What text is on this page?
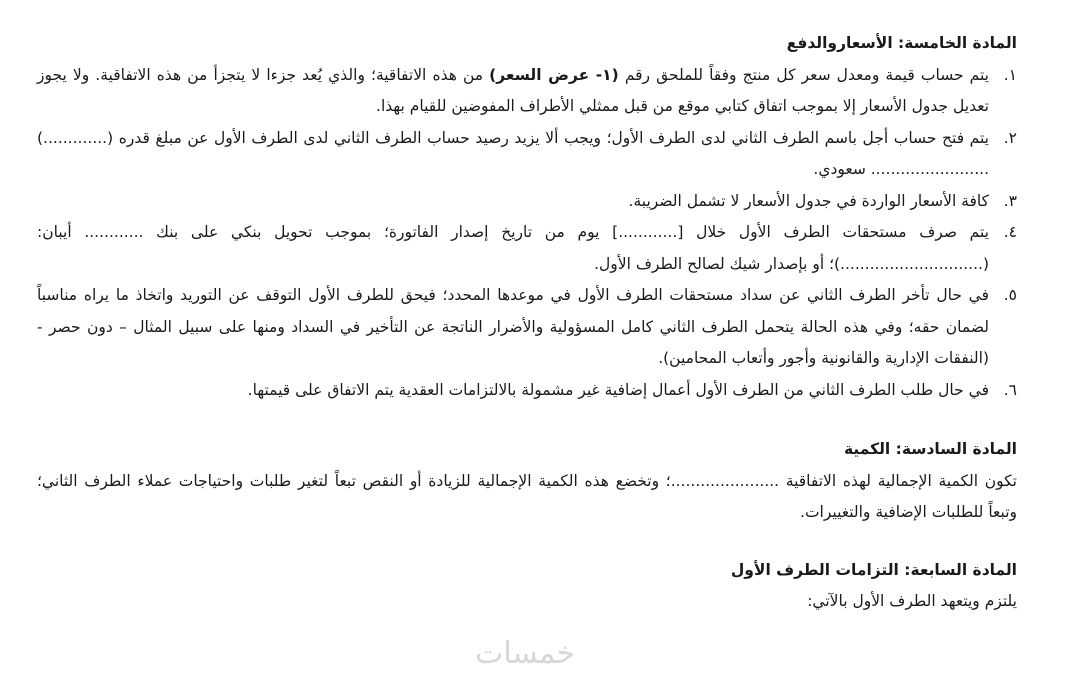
المادة الخامسة: الأسعاروالدفع

١.
يتم حساب قيمة ومعدل سعر كل منتج وفقاً للملحق رقم (١- عرض السعر) من هذه الاتفاقية؛ والذي يُعد جزءا لا يتجزأ من هذه الاتفاقية. ولا يجوز تعديل جدول الأسعار إلا بموجب اتفاق كتابي موقع من قبل ممثلي الأطراف المفوضين للقيام بهذا.
٢.
يتم فتح حساب أجل باسم الطرف الثاني لدى الطرف الأول؛ ويجب ألا يزيد رصيد حساب الطرف الثاني لدى الطرف الأول عن مبلغ قدره (.............) ........................ سعودي.
٣.
كافة الأسعار الواردة في جدول الأسعار لا تشمل الضريبة.
٤.
يتم صرف مستحقات الطرف الأول خلال [............] يوم من تاريخ إصدار الفاتورة؛ بموجب تحويل بنكي على بنك ............ أيبان: (.............................)؛ أو بإصدار شيك لصالح الطرف الأول.
٥.
في حال تأخر الطرف الثاني عن سداد مستحقات الطرف الأول في موعدها المحدد؛ فيحق للطرف الأول التوقف عن التوريد واتخاذ ما يراه مناسباً لضمان حقه؛ وفي هذه الحالة يتحمل الطرف الثاني كامل المسؤولية والأضرار الناتجة عن التأخير في السداد ومنها على سبيل المثال – دون حصر - (النفقات الإدارية والقانونية وأجور وأتعاب المحامين).
٦.
في حال طلب الطرف الثاني من الطرف الأول أعمال إضافية غير مشمولة بالالتزامات العقدية يتم الاتفاق على قيمتها.

المادة السادسة: الكمية

تكون الكمية الإجمالية لهذه الاتفاقية ......................؛ وتخضع هذه الكمية الإجمالية للزيادة أو النقص تبعاً لتغير طلبات واحتياجات عملاء الطرف الثاني؛ وتبعاً للطلبات الإضافية والتغييرات.

المادة السابعة: التزامات الطرف الأول

يلتزم ويتعهد الطرف الأول بالآتي:

خمسات
